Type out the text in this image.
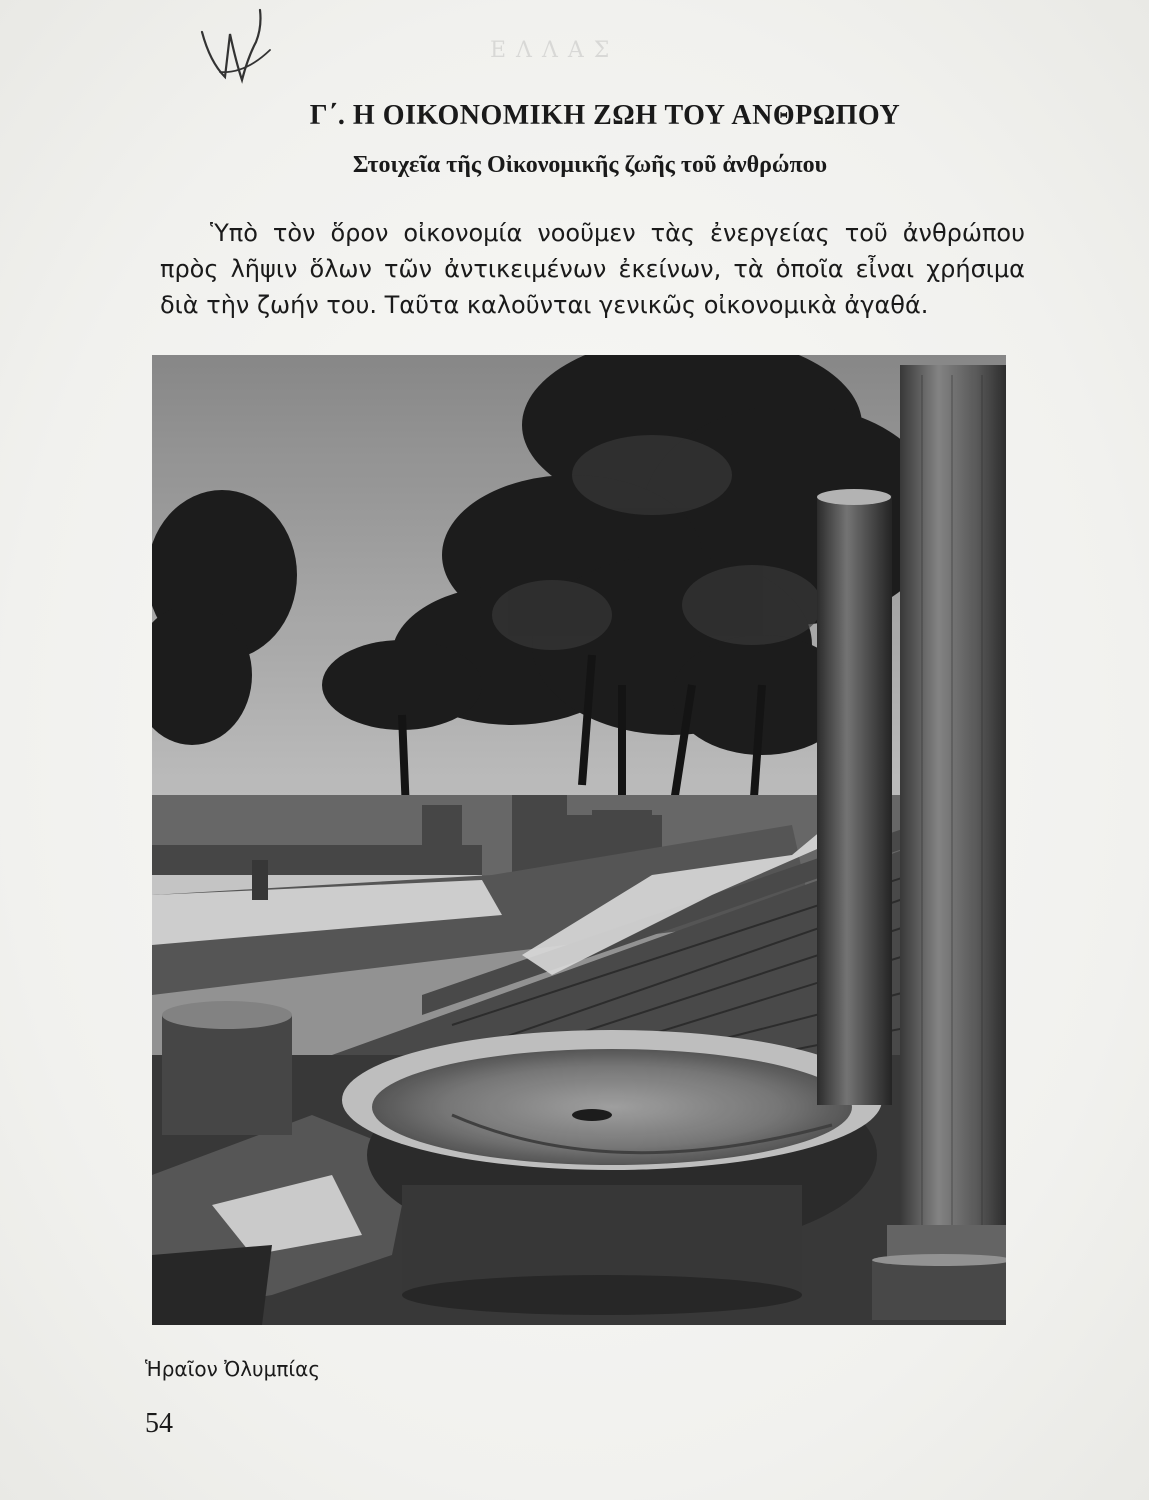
ΕΛΛΑΣ
Γ΄. Η ΟΙΚΟΝΟΜΙΚΗ ΖΩΗ ΤΟΥ ΑΝΘΡΩΠΟΥ
Στοιχεῖα τῆς Οἰκονομικῆς ζωῆς τοῦ ἀνθρώπου
Ὑπὸ τὸν ὅρον οἰκονομία νοοῦμεν τὰς ἐνεργείας τοῦ ἀνθρώπου πρὸς λῆψιν ὅλων τῶν ἀντικειμένων ἐκείνων, τὰ ὁποῖα εἶναι χρήσιμα διὰ τὴν ζωήν του. Ταῦτα καλοῦνται γενικῶς οἰκονομικὰ ἀγαθά.
Ἡραῖον Ὀλυμπίας
54
